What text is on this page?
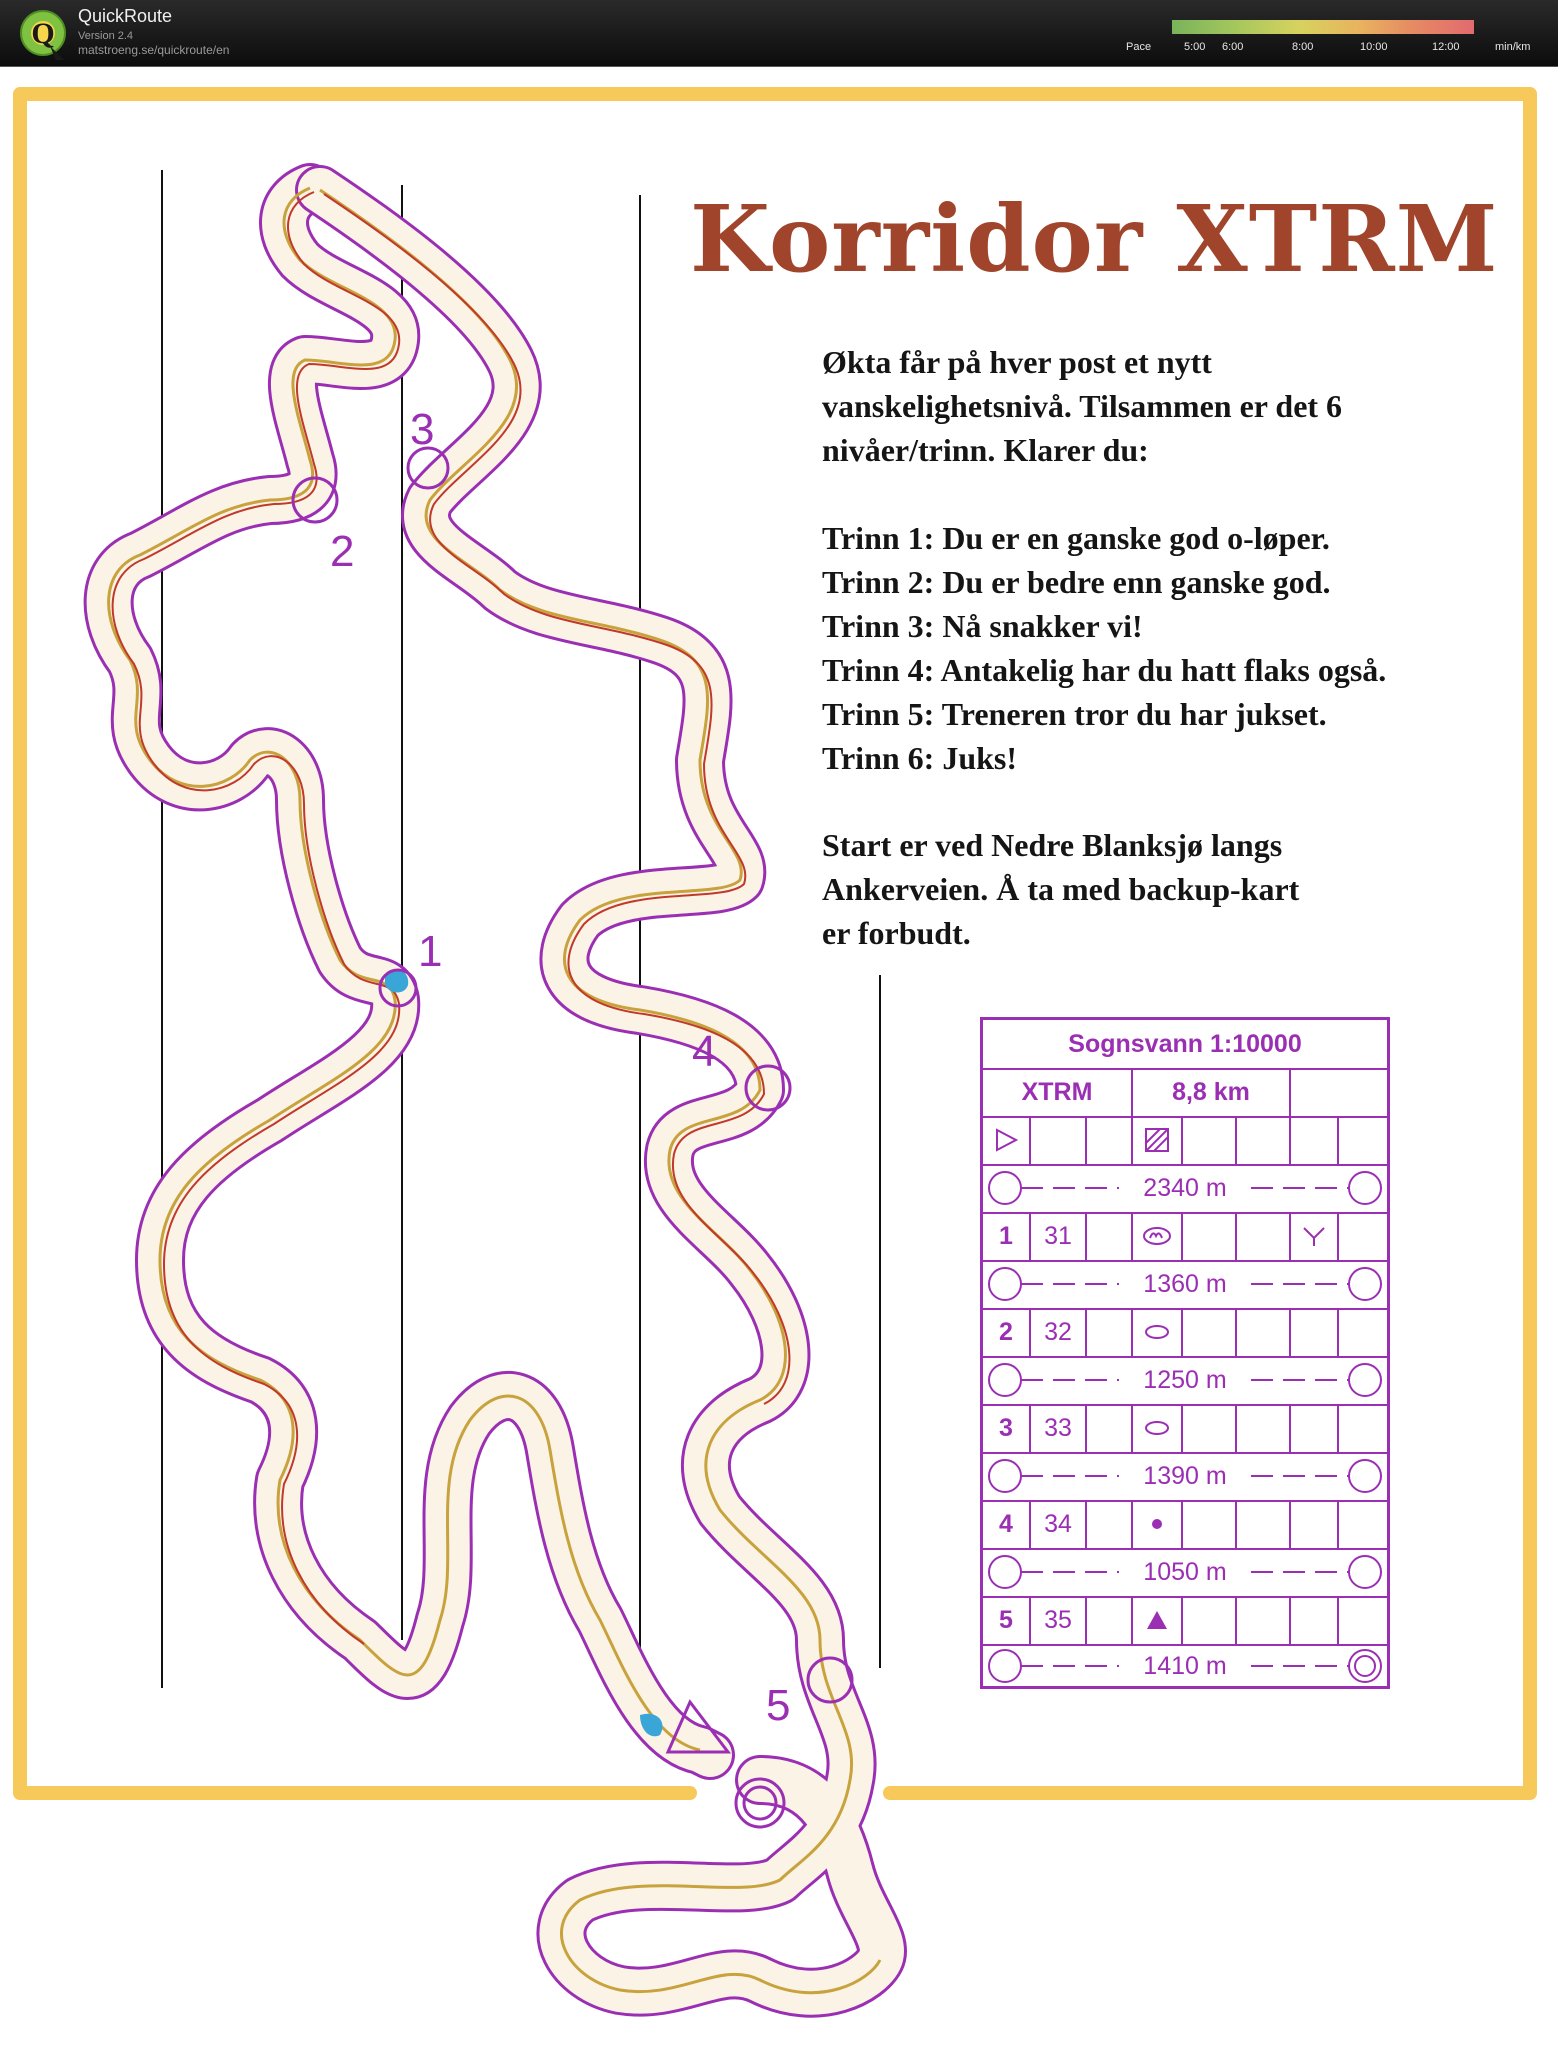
Q
QuickRoute
Version 2.4
matstroeng.se/quickroute/en	Pace	5:00 6:00	8:00	10:00	12:00	min/km
1
2
3
4
5
Korridor XTRM

Økta får på hver post et nytt

vanskelighetsnivå. Tilsammen er det 6

nivåer/trinn. Klarer du:

Trinn 1: Du er en ganske god o-løper.

Trinn 2: Du er bedre enn ganske god.

Trinn 3: Nå snakker vi!

Trinn 4: Antakelig har du hatt flaks også.

Trinn 5: Treneren tror du har jukset.

Trinn 6: Juks!

Start er ved Nedre Blanksjø langs
Ankerveien. Å ta med backup-kart
er forbudt.
Sognsvann 1:10000
XTRM	8,8 km
2340 m
1	31
1360 m
2	32
1250 m
3	33
1390 m
4	34
1050 m
5	35
1410 m
